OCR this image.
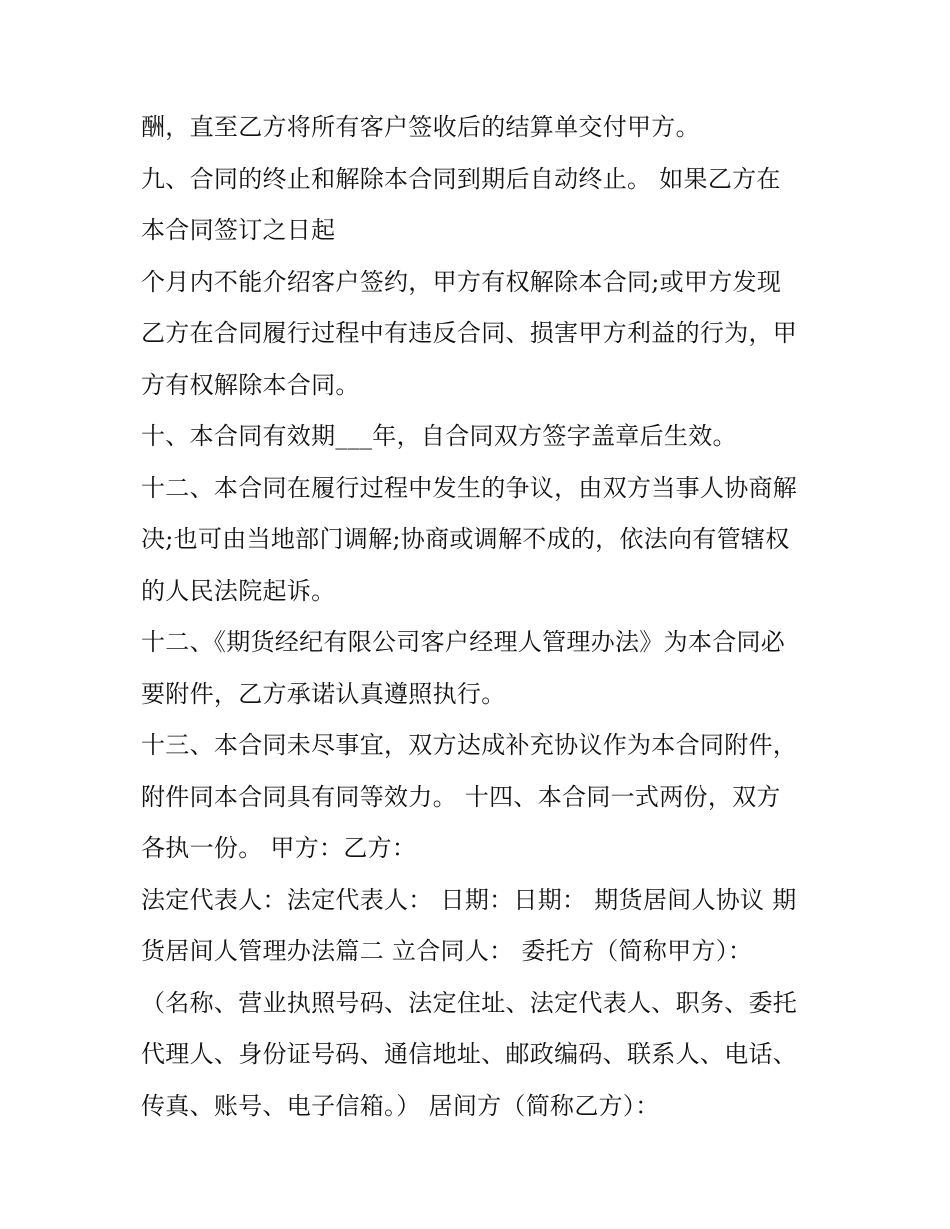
酬，直至乙方将所有客户签收后的结算单交付甲方。
九、合同的终止和解除本合同到期后自动终止。 如果乙方在
本合同签订之日起
个月内不能介绍客户签约，甲方有权解除本合同;或甲方发现
乙方在合同履行过程中有违反合同、损害甲方利益的行为，甲
方有权解除本合同。
十、本合同有效期___年，自合同双方签字盖章后生效。
十二、本合同在履行过程中发生的争议，由双方当事人协商解
决;也可由当地部门调解;协商或调解不成的，依法向有管辖权
的人民法院起诉。
十二、《期货经纪有限公司客户经理人管理办法》为本合同必
要附件，乙方承诺认真遵照执行。
十三、本合同未尽事宜，双方达成补充协议作为本合同附件，
附件同本合同具有同等效力。 十四、本合同一式两份，双方
各执一份。 甲方：乙方：
法定代表人：法定代表人： 日期：日期： 期货居间人协议 期
货居间人管理办法篇二 立合同人： 委托方（简称甲方）：
（名称、营业执照号码、法定住址、法定代表人、职务、委托
代理人、身份证号码、通信地址、邮政编码、联系人、电话、
传真、账号、电子信箱。） 居间方（简称乙方）：
